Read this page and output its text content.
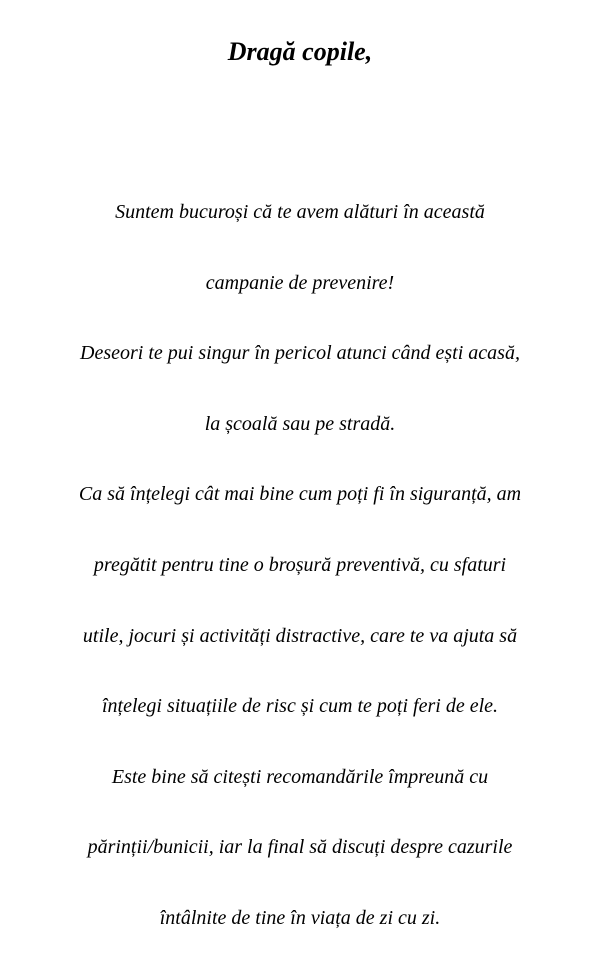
Dragă copile,
Suntem bucuroși că te avem alături în această
campanie de prevenire!
Deseori te pui singur în pericol atunci când ești acasă,
la școală sau pe stradă.
Ca să înțelegi cât mai bine cum poți fi în siguranță, am
pregătit pentru tine o broșură preventivă, cu sfaturi
utile, jocuri și activități distractive, care te va ajuta să
înțelegi situațiile de risc și cum te poți feri de ele.
Este bine să citești recomandările împreună cu
părinții/bunicii, iar la final să discuți despre cazurile
întâlnite de tine în viața de zi cu zi.
